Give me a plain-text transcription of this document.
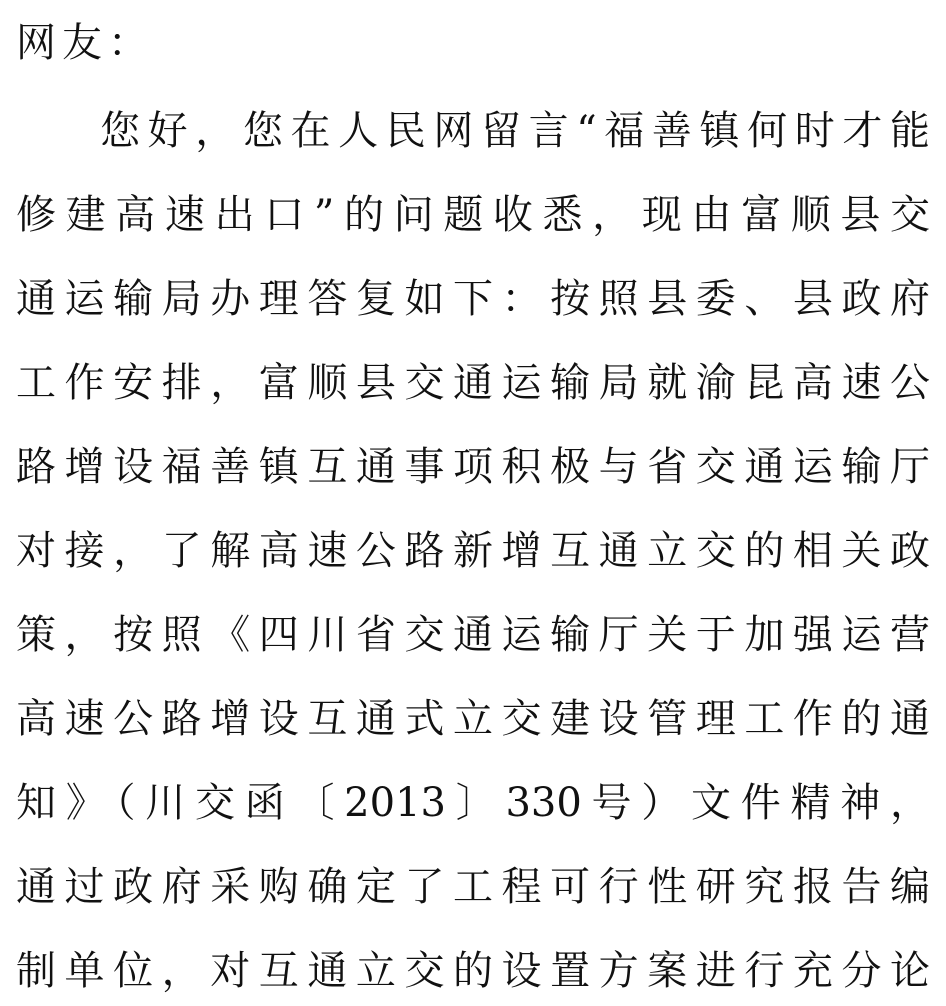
网友：
您好，您在人民网留言“福善镇何时才能
修建高速出口”的问题收悉，现由富顺县交
通运输局办理答复如下：按照县委、县政府
工作安排，富顺县交通运输局就渝昆高速公
路增设福善镇互通事项积极与省交通运输厅
对接，了解高速公路新增互通立交的相关政
策，按照《四川省交通运输厅关于加强运营
高速公路增设互通式立交建设管理工作的通
知》（川交函〔2013〕330号）文件精神，
通过政府采购确定了工程可行性研究报告编
制单位，对互通立交的设置方案进行充分论
